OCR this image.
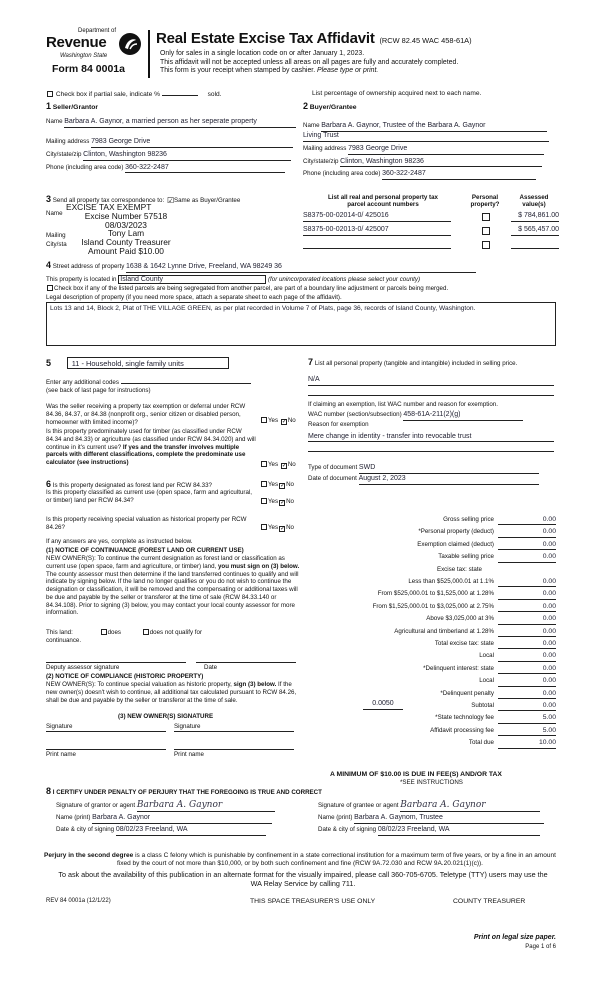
Department of
Revenue
Washington State
Form 84 0001a
Real Estate Excise Tax Affidavit (RCW 82.45 WAC 458-61A)
Only for sales in a single location code on or after January 1, 2023.
This affidavit will not be accepted unless all areas on all pages are fully and accurately completed.
This form is your receipt when stamped by cashier. Please type or print.
Check box if partial sale, indicate %	sold.	List percentage of ownership acquired next to each name.
1 Seller/Grantor
Name Barbara A. Gaynor, a married person as her seperate property
Mailing address 7983 George Drive
City/state/zip Clinton, Washington 98236
Phone (including area code) 360-322-2487
2 Buyer/Grantee
Name Barbara A. Gaynor, Trustee of the Barbara A. Gaynor
Living Trust
Mailing address 7983 George Drive
City/state/zip Clinton, Washington 98236
Phone (including area code) 360-322-2487
3 Send all property tax correspondence to: ☑Same as Buyer/Grantee
Name
Mailing
City/sta
EXCISE TAX EXEMPT
Excise Number 57518
08/03/2023
Tony Lam
Island County Treasurer
Amount Paid $10.00
List all real and personal property tax
parcel account numbers
Personal
property?
Assessed
value(s)
S8375-00-02014-0/ 425016	$ 784,861.00
S8375-00-02013-0/ 425007	$ 565,457.00
4 Street address of property 1638 & 1642 Lynne Drive, Freeland, WA 98249 36
This property is located in Island County	(for unincorporated locations please select your county)
Check box if any of the listed parcels are being segregated from another parcel, are part of a boundary line adjustment or parcels being merged.
Legal description of property (if you need more space, attach a separate sheet to each page of the affidavit).
Lots 13 and 14, Block 2, Plat of THE VILLAGE GREEN, as per plat recorded in Volume 7 of Plats, page 36, records of Island County, Washington.
5	11 - Household, single family units
Enter any additional codes
(see back of last page for instructions)
Was the seller receiving a property tax exemption or deferral under RCW 84.36, 84.37, or 84.38 (nonprofit org., senior citizen or disabled person, homeowner with limited income)?	Yes ✓No
Is this property predominately used for timber (as classified under RCW 84.34 and 84.33) or agriculture (as classified under RCW 84.34.020) and will continue in it's current use? If yes and the transfer involves multiple parcels with different classifications, complete the predominate use calculator (see instructions)	Yes ✓No
6 Is this property designated as forest land per RCW 84.33?	Yes ✓No
Is this property classified as current use (open space, farm and agricultural, or timber) land per RCW 84.34?	Yes ✓No
Is this property receiving special valuation as historical property per RCW 84.26?	Yes ✓No
If any answers are yes, complete as instructed below.
(1) NOTICE OF CONTINUANCE (FOREST LAND OR CURRENT USE)
NEW OWNER(S): To continue the current designation as forest land or classification as current use (open space, farm and agriculture, or timber) land, you must sign on (3) below. The county assessor must then determine if the land transferred continues to qualify and will indicate by signing below. If the land no longer qualifies or you do not wish to continue the designation or classification, it will be removed and the compensating or additional taxes will be due and payable by the seller or transferor at the time of sale (RCW 84.33.140 or 84.34.108). Prior to signing (3) below, you may contact your local county assessor for more information.
This land:	does	does not qualify for
continuance.
Deputy assessor signature	Date
(2) NOTICE OF COMPLIANCE (HISTORIC PROPERTY)
NEW OWNER(S): To continue special valuation as historic property, sign (3) below. If the new owner(s) doesn't wish to continue, all additional tax calculated pursuant to RCW 84.26, shall be due and payable by the seller or transferor at the time of sale.
(3) NEW OWNER(S) SIGNATURE
Signature	Signature
Print name	Print name
7 List all personal property (tangible and intangible) included in selling price.
N/A
If claiming an exemption, list WAC number and reason for exemption.
WAC number (section/subsection) 458-61A-211(2)(g)
Reason for exemption
Mere change in identity - transfer into revocable trust
Type of document SWD
Date of document August 2, 2023
Gross selling price	0.00
*Personal property (deduct)	0.00
Exemption claimed (deduct)	0.00
Taxable selling price	0.00
Excise tax: state
Less than $525,000.01 at 1.1%	0.00
From $525,000.01 to $1,525,000 at 1.28%	0.00
From $1,525,000.01 to $3,025,000 at 2.75%	0.00
Above $3,025,000 at 3%	0.00
Agricultural and timberland at 1.28%	0.00
Total excise tax: state	0.00
Local	0.00
*Delinquent interest: state	0.00
Local	0.00
*Delinquent penalty	0.00
Subtotal	0.00
*State technology fee	5.00
Affidavit processing fee	5.00
Total due	10.00
0.0050
A MINIMUM OF $10.00 IS DUE IN FEE(S) AND/OR TAX
*SEE INSTRUCTIONS
8 I CERTIFY UNDER PENALTY OF PERJURY THAT THE FOREGOING IS TRUE AND CORRECT
Signature of grantor or agent Barbara A. Gaynor
Name (print) Barbara A. Gaynor
Date & city of signing 08/02/23 Freeland, WA
Signature of grantee or agent Barbara A. Gaynor
Name (print) Barbara A. Gaynom, Trustee
Date & city of signing 08/02/23 Freeland, WA
Perjury in the second degree is a class C felony which is punishable by confinement in a state correctional institution for a maximum term of five years, or by a fine in an amount fixed by the court of not more than $10,000, or by both such confinement and fine (RCW 9A.72.030 and RCW 9A.20.021(1)(c)).
To ask about the availability of this publication in an alternate format for the visually impaired, please call 360-705-6705. Teletype (TTY) users may use the WA Relay Service by calling 711.
REV 84 0001a (12/1/22)	THIS SPACE TREASURER'S USE ONLY	COUNTY TREASURER
Print on legal size paper.
Page 1 of 6
